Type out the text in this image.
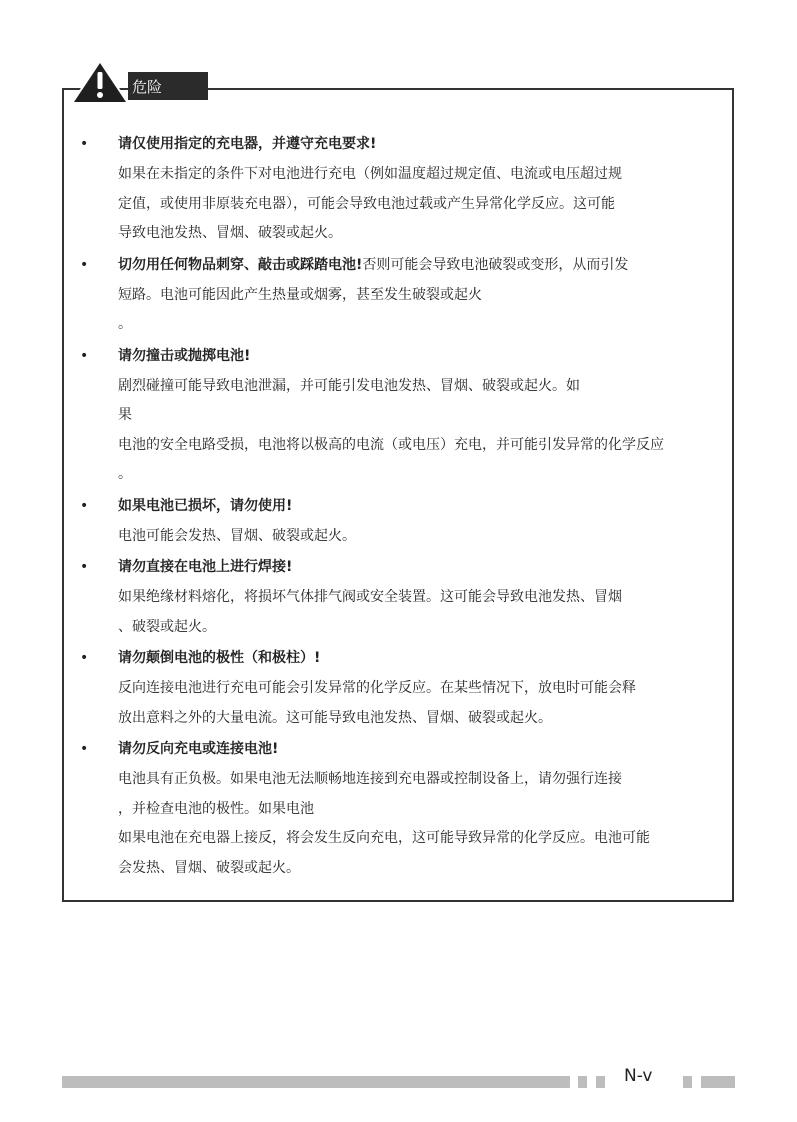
危险
• 请仅使用指定的充电器，并遵守充电要求!
如果在未指定的条件下对电池进行充电（例如温度超过规定值、电流或电压超过规
定值，或使用非原装充电器），可能会导致电池过载或产生异常化学反应。这可能
导致电池发热、冒烟、破裂或起火。
• 切勿用任何物品刺穿、敲击或踩踏电池!否则可能会导致电池破裂或变形，从而引发
短路。电池可能因此产生热量或烟雾，甚至发生破裂或起火
。
• 请勿撞击或抛掷电池!
剧烈碰撞可能导致电池泄漏，并可能引发电池发热、冒烟、破裂或起火。如
果
电池的安全电路受损，电池将以极高的电流（或电压）充电，并可能引发异常的化学反应
。
• 如果电池已损坏，请勿使用!
电池可能会发热、冒烟、破裂或起火。
• 请勿直接在电池上进行焊接!
如果绝缘材料熔化，将损坏气体排气阀或安全装置。这可能会导致电池发热、冒烟
、破裂或起火。
• 请勿颠倒电池的极性（和极柱）!
反向连接电池进行充电可能会引发异常的化学反应。在某些情况下，放电时可能会释
放出意料之外的大量电流。这可能导致电池发热、冒烟、破裂或起火。
• 请勿反向充电或连接电池!
电池具有正负极。如果电池无法顺畅地连接到充电器或控制设备上，请勿强行连接
，并检查电池的极性。如果电池
如果电池在充电器上接反，将会发生反向充电，这可能导致异常的化学反应。电池可能
会发热、冒烟、破裂或起火。
N-v
